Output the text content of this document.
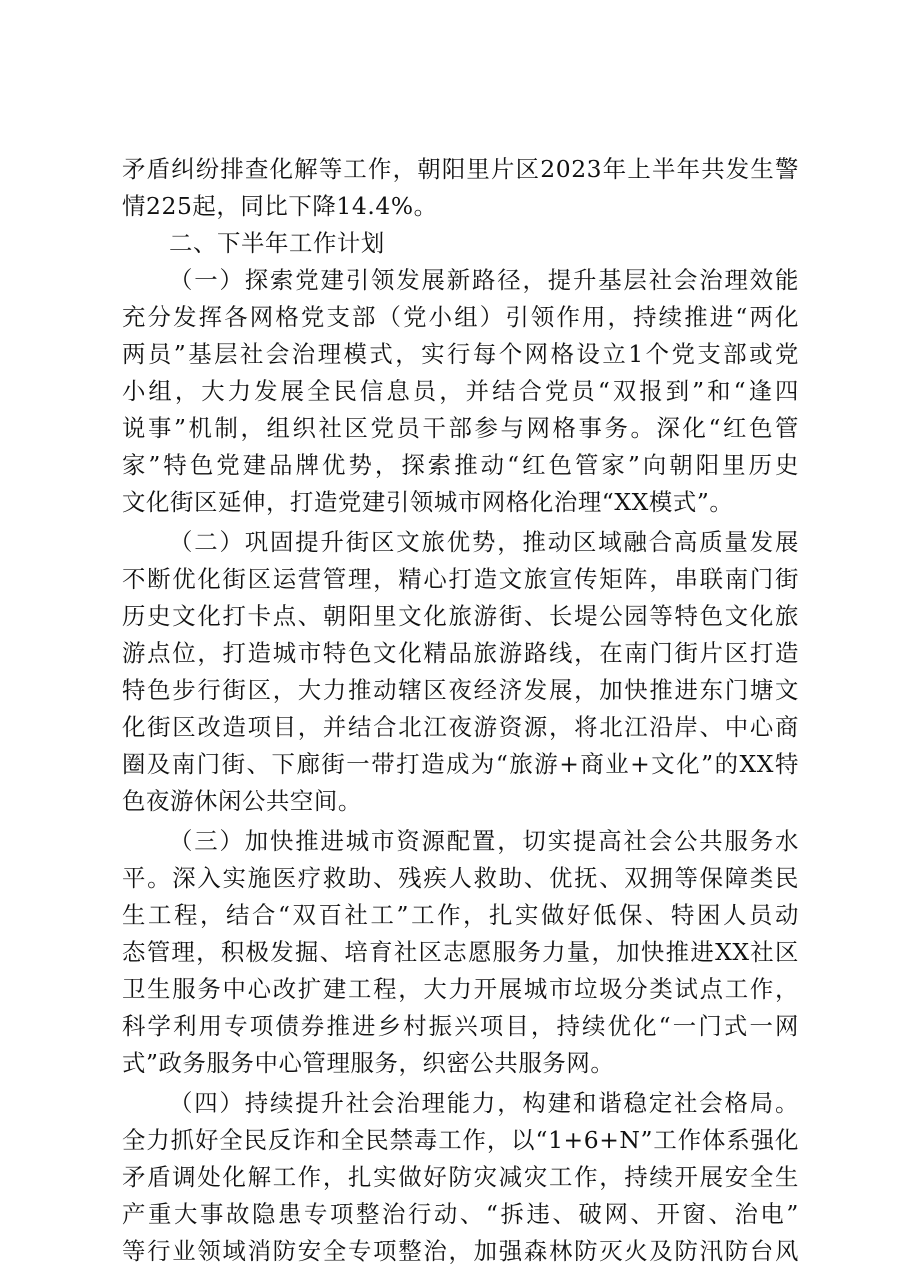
矛盾纠纷排查化解等工作，朝阳里片区2023年上半年共发生警
情225起，同比下降14.4%。
二、下半年工作计划
（一）探索党建引领发展新路径，提升基层社会治理效能
充分发挥各网格党支部（党小组）引领作用，持续推进“两化
两员”基层社会治理模式，实行每个网格设立1个党支部或党
小组，大力发展全民信息员，并结合党员“双报到”和“逢四
说事”机制，组织社区党员干部参与网格事务。深化“红色管
家”特色党建品牌优势，探索推动“红色管家”向朝阳里历史
文化街区延伸，打造党建引领城市网格化治理“XX模式”。
（二）巩固提升街区文旅优势，推动区域融合高质量发展
不断优化街区运营管理，精心打造文旅宣传矩阵，串联南门街
历史文化打卡点、朝阳里文化旅游街、长堤公园等特色文化旅
游点位，打造城市特色文化精品旅游路线，在南门街片区打造
特色步行街区，大力推动辖区夜经济发展，加快推进东门塘文
化街区改造项目，并结合北江夜游资源，将北江沿岸、中心商
圈及南门街、下廊街一带打造成为“旅游+商业+文化”的XX特
色夜游休闲公共空间。
（三）加快推进城市资源配置，切实提高社会公共服务水
平。深入实施医疗救助、残疾人救助、优抚、双拥等保障类民
生工程，结合“双百社工”工作，扎实做好低保、特困人员动
态管理，积极发掘、培育社区志愿服务力量，加快推进XX社区
卫生服务中心改扩建工程，大力开展城市垃圾分类试点工作，
科学利用专项债券推进乡村振兴项目，持续优化“一门式一网
式”政务服务中心管理服务，织密公共服务网。
（四）持续提升社会治理能力，构建和谐稳定社会格局。
全力抓好全民反诈和全民禁毒工作，以“1+6+N”工作体系强化
矛盾调处化解工作，扎实做好防灾减灾工作，持续开展安全生
产重大事故隐患专项整治行动、“拆违、破网、开窗、治电”
等行业领域消防安全专项整治，加强森林防灭火及防汛防台风
